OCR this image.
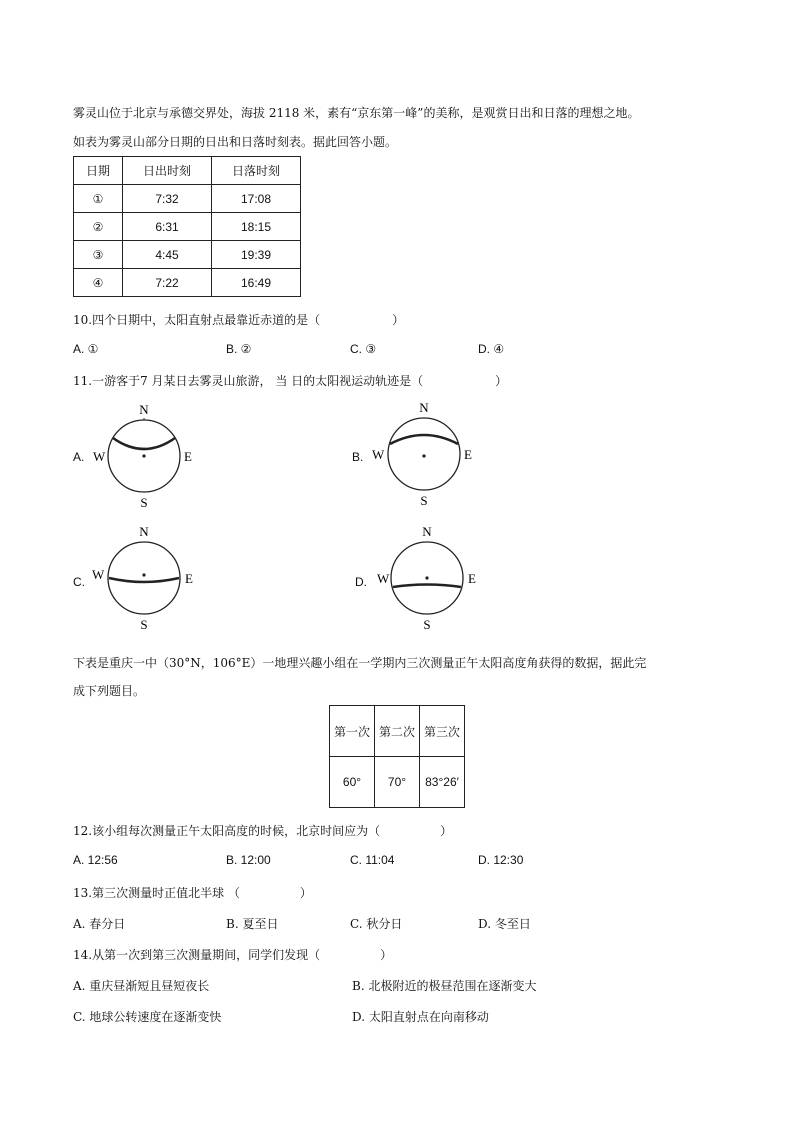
雾灵山位于北京与承德交界处，海拔 2118 米，素有“京东第一峰”的美称，是观赏日出和日落的理想之地。
如表为雾灵山部分日期的日出和日落时刻表。据此回答小题。
日期	日出时刻	日落时刻
①	7:32	17:08
②	6:31	18:15
③	4:45	19:39
④	7:22	16:49
10.四个日期中，太阳直射点最靠近赤道的是（　　　　　　）
A. ①	B. ②	C. ③	D. ④
11.一游客于7 月某日去雾灵山旅游， 当 日的太阳视运动轨迹是（　　　　　　）
A.
N
S
W	E	B.
N
S
W	E
C.
N
S
W	E	D.
N
S
W	E
下表是重庆一中（30°N，106°E）一地理兴趣小组在一学期内三次测量正午太阳高度角获得的数据，据此完
成下列题目。
第一次	第二次	第三次
60°	70°	83°26′
12.该小组每次测量正午太阳高度的时候，北京时间应为（　　　　　）
A. 12:56	B. 12:00	C. 11:04	D. 12:30
13.第三次测量时正值北半球 （　　　　　）
A. 春分日	B. 夏至日	C. 秋分日	D. 冬至日
14.从第一次到第三次测量期间，同学们发现（　　　　　）
A. 重庆昼渐短且昼短夜长	B. 北极附近的极昼范围在逐渐变大
C. 地球公转速度在逐渐变快	D. 太阳直射点在向南移动
